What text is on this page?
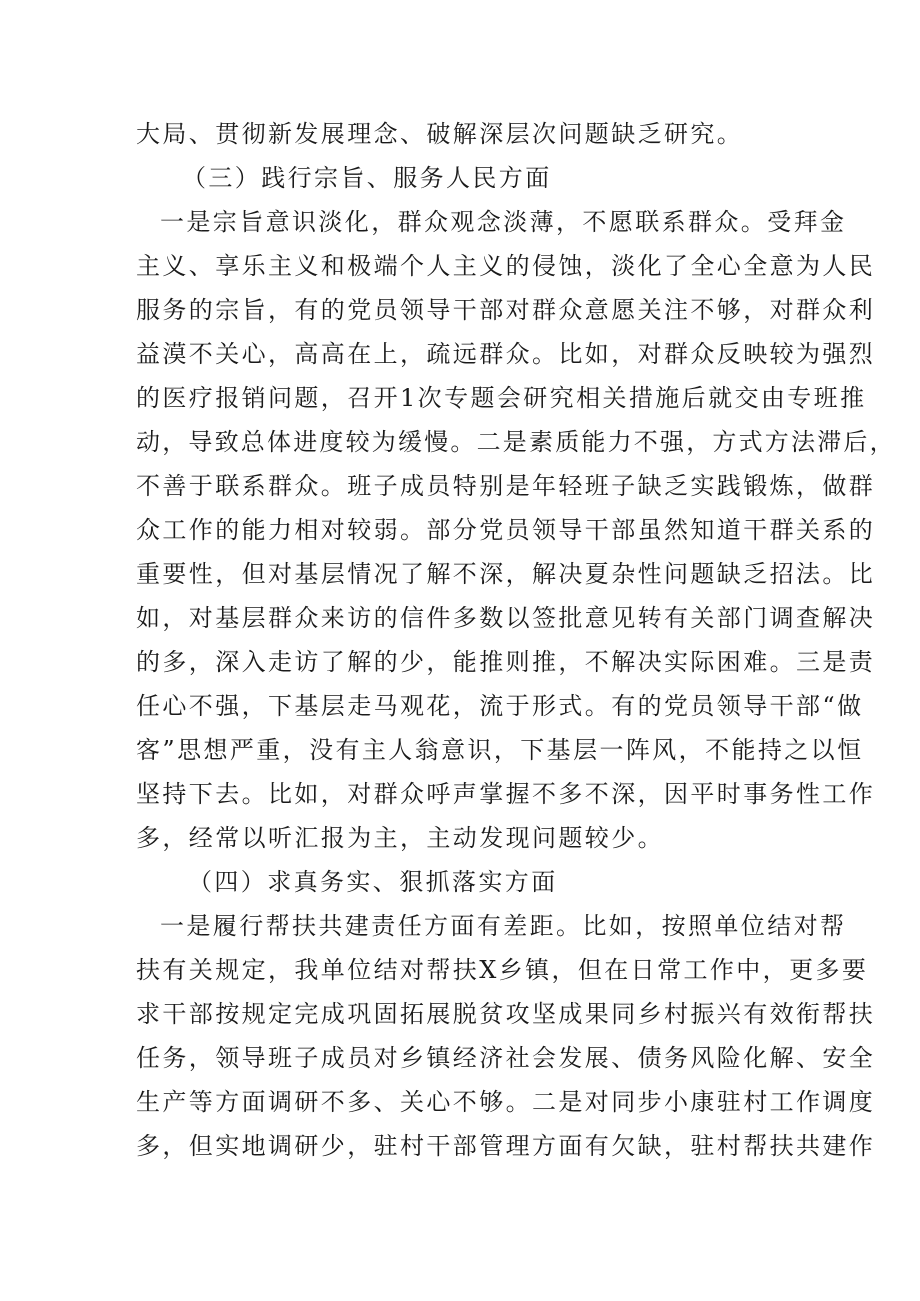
大局、贯彻新发展理念、破解深层次问题缺乏研究。
（三）践行宗旨、服务人民方面
一是宗旨意识淡化，群众观念淡薄，不愿联系群众。受拜金
主义、享乐主义和极端个人主义的侵蚀，淡化了全心全意为人民
服务的宗旨，有的党员领导干部对群众意愿关注不够，对群众利
益漠不关心，高高在上，疏远群众。比如，对群众反映较为强烈
的医疗报销问题，召开1次专题会研究相关措施后就交由专班推
动，导致总体进度较为缓慢。二是素质能力不强，方式方法滞后，
不善于联系群众。班子成员特别是年轻班子缺乏实践锻炼，做群
众工作的能力相对较弱。部分党员领导干部虽然知道干群关系的
重要性，但对基层情况了解不深，解决夏杂性问题缺乏招法。比
如，对基层群众来访的信件多数以签批意见转有关部门调查解决
的多，深入走访了解的少，能推则推，不解决实际困难。三是责
任心不强，下基层走马观花，流于形式。有的党员领导干部“做
客”思想严重，没有主人翁意识，下基层一阵风，不能持之以恒
坚持下去。比如，对群众呼声掌握不多不深，因平时事务性工作
多，经常以听汇报为主，主动发现问题较少。
（四）求真务实、狠抓落实方面
一是履行帮扶共建责任方面有差距。比如，按照单位结对帮
扶有关规定，我单位结对帮扶X乡镇，但在日常工作中，更多要
求干部按规定完成巩固拓展脱贫攻坚成果同乡村振兴有效衔帮扶
任务，领导班子成员对乡镇经济社会发展、债务风险化解、安全
生产等方面调研不多、关心不够。二是对同步小康驻村工作调度
多，但实地调研少，驻村干部管理方面有欠缺，驻村帮扶共建作
